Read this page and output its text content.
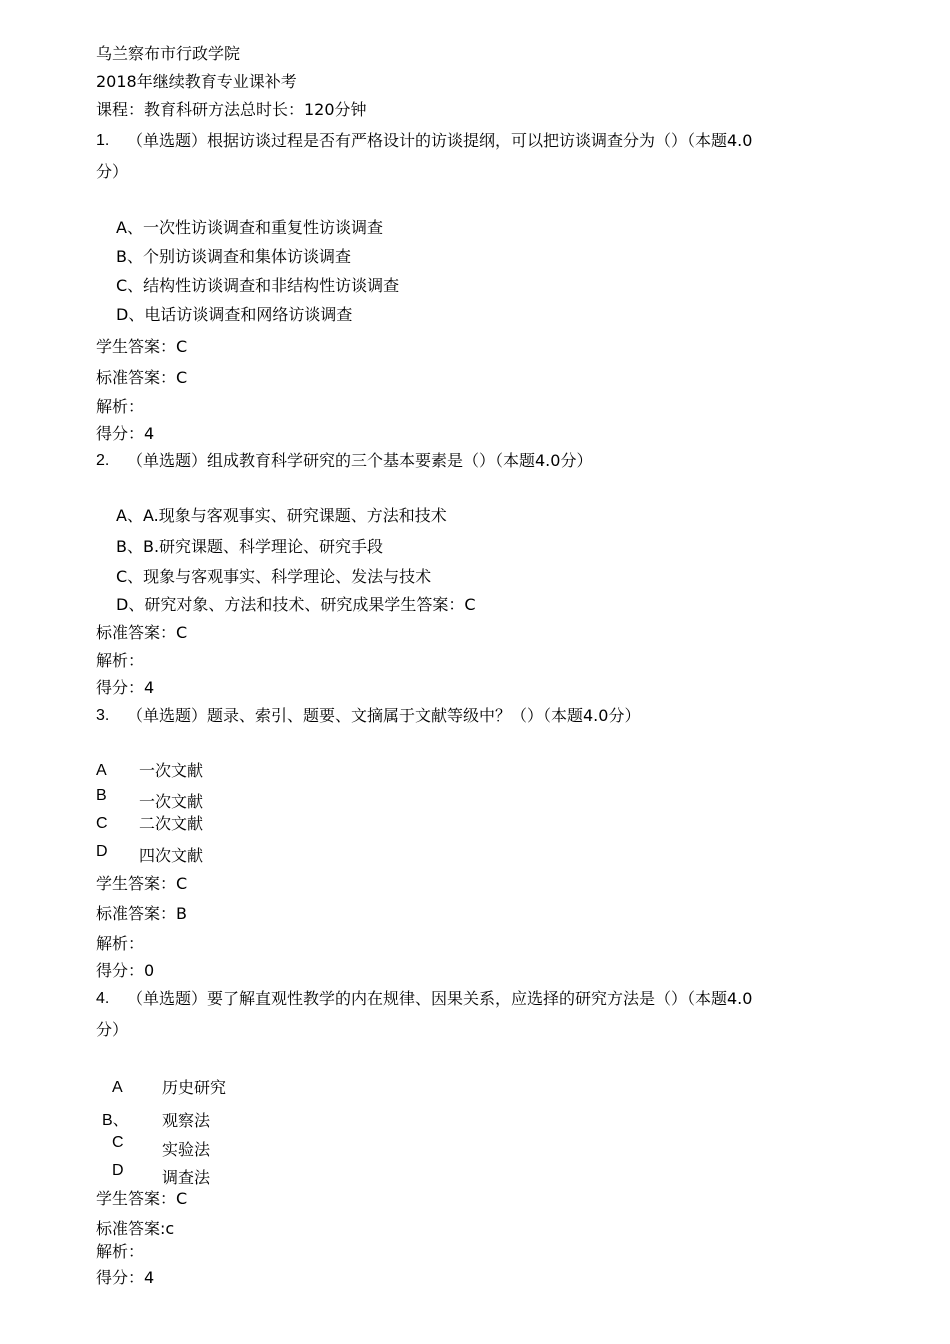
乌兰察布市行政学院
2018年继续教育专业课补考
课程：教育科研方法总时长：120分钟
1. （单选题）根据访谈过程是否有严格设计的访谈提纲，可以把访谈调查分为（）（本题4.0
分）
A、一次性访谈调查和重复性访谈调查
B、个别访谈调查和集体访谈调查
C、结构性访谈调查和非结构性访谈调查
D、电话访谈调查和网络访谈调查
学生答案：C
标准答案：C
解析：
得分：4
2. （单选题）组成教育科学研究的三个基本要素是（）（本题4.0分）
A、A.现象与客观事实、研究课题、方法和技术
B、B.研究课题、科学理论、研究手段
C、现象与客观事实、科学理论、发法与技术
D、研究对象、方法和技术、研究成果学生答案：C
标准答案：C
解析：
得分：4
3. （单选题）题录、索引、题要、文摘属于文献等级中？（）（本题4.0分）
A 一次文献
B 一次文献
C 二次文献
D 四次文献
学生答案：C
标准答案：B
解析：
得分：0
4. （单选题）要了解直观性教学的内在规律、因果关系，应选择的研究方法是（）（本题4.0
分）
A 历史研究
B、 观察法
C 实验法
D 调查法
学生答案：C
标准答案:c
解析：
得分：4
